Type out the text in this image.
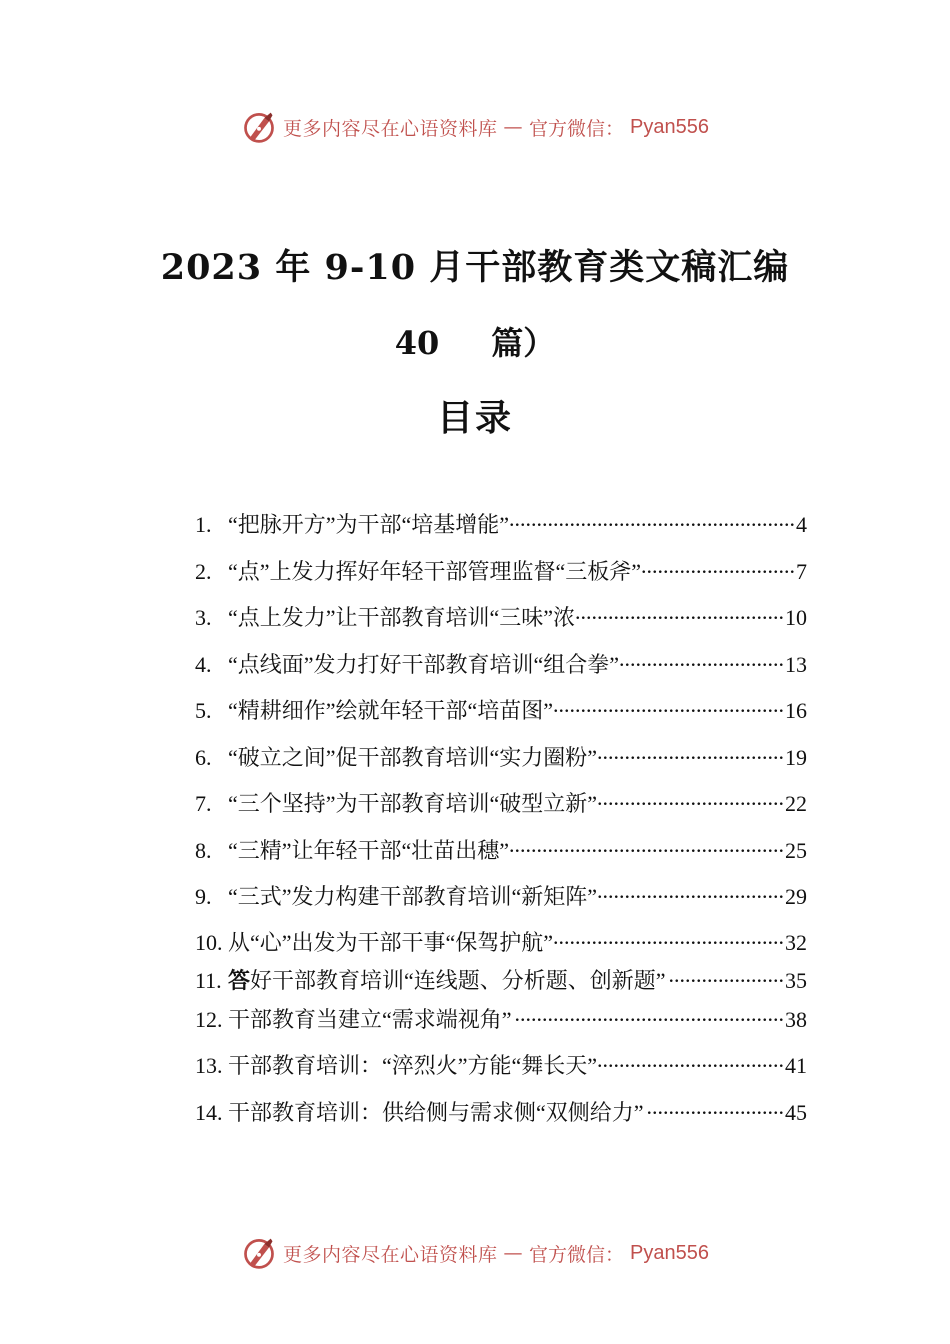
更多内容尽在心语资料库 — 官方微信： Pyan556
2023 年 9-10 月干部教育类文稿汇编
40 篇）
目录
1. “把脉开方”为干部“培基增能” .....	4
2. “点”上发力挥好年轻干部管理监督“三板斧” .....	7
3. “点上发力”让干部教育培训“三味”浓 .....	10
4. “点线面”发力打好干部教育培训“组合拳” .....	13
5. “精耕细作”绘就年轻干部“培苗图” .....	16
6. “破立之间”促干部教育培训“实力圈粉” .....	19
7. “三个坚持”为干部教育培训“破型立新” .....	22
8. “三精”让年轻干部“壮苗出穗” .....	25
9. “三式”发力构建干部教育培训“新矩阵” .....	29
10. 从“心”出发为干部干事“保驾护航” .....	32
11. 答好干部教育培训“连线题、分析题、创新题” .....	35
12. 干部教育当建立“需求端视角” .....	38
13. 干部教育培训：“淬烈火”方能“舞长天” .....	41
14. 干部教育培训：供给侧与需求侧“双侧给力” .....	45
更多内容尽在心语资料库 — 官方微信： Pyan556
